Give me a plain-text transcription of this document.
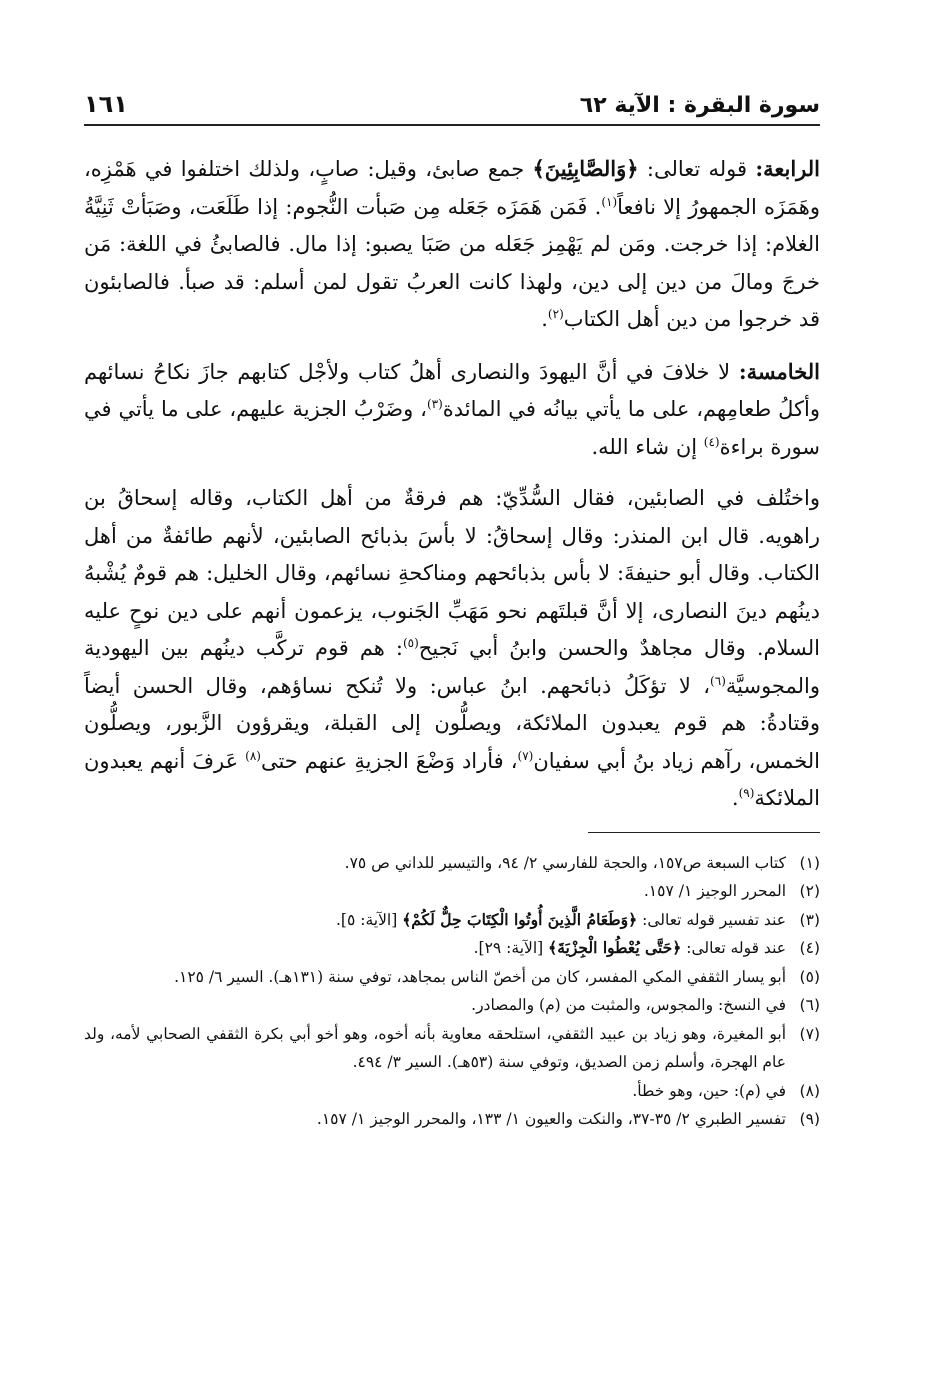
سورة البقرة : الآية ٦٢
١٦١

الرابعة: قوله تعالى: ﴿وَالصَّابِئِينَ﴾ جمع صابئ، وقيل: صابٍ، ولذلك اختلفوا في هَمْزِه، وهَمَزَه الجمهورُ إلا نافعاً$^{(١)}$. فَمَن هَمَزَه جَعَله مِن صَبأت النُّجوم: إذا طَلَعَت، وصَبَأتْ ثَنِيَّةُ الغلام: إذا خرجت. ومَن لم يَهْمِز جَعَله من صَبَا يصبو: إذا مال. فالصابئُ في اللغة: مَن خرجَ ومالَ من دين إلى دين، ولهذا كانت العربُ تقول لمن أسلم: قد صبأ. فالصابئون قد خرجوا من دين أهل الكتاب$^{(٢)}$.

الخامسة: لا خلافَ في أنَّ اليهودَ والنصارى أهلُ كتاب ولأجْل كتابهم جازَ نكاحُ نسائهم وأكلُ طعامِهم، على ما يأتي بيانُه في المائدة$^{(٣)}$، وضَرْبُ الجزية عليهم، على ما يأتي في سورة براءة$^{(٤)}$ إن شاء الله.

واختُلف في الصابئين، فقال السُّدِّيّ: هم فرقةٌ من أهل الكتاب، وقاله إسحاقُ بن راهويه. قال ابن المنذر: وقال إسحاقُ: لا بأسَ بذبائح الصابئين، لأنهم طائفةٌ من أهل الكتاب. وقال أبو حنيفةَ: لا بأس بذبائحهم ومناكحةِ نسائهم، وقال الخليل: هم قومٌ يُشْبهُ دينُهم دينَ النصارى، إلا أنَّ قبلتَهم نحو مَهَبِّ الجَنوب، يزعمون أنهم على دين نوحٍ عليه السلام. وقال مجاهدٌ والحسن وابنُ أبي نَجيح$^{(٥)}$: هم قوم تركَّب دينُهم بين اليهودية والمجوسيَّة$^{(٦)}$، لا تؤكَلُ ذبائحهم. ابنُ عباس: ولا تُنكح نساؤهم، وقال الحسن أيضاً وقتادةُ: هم قوم يعبدون الملائكة، ويصلُّون إلى القبلة، ويقرؤون الزَّبور، ويصلُّون الخمس، رآهم زياد بنُ أبي سفيان$^{(٧)}$، فأراد وَضْعَ الجزيةِ عنهم حتى$^{(٨)}$ عَرفَ أنهم يعبدون الملائكة$^{(٩)}$.

(١)
كتاب السبعة ص١٥٧، والحجة للفارسي ٢/ ٩٤، والتيسير للداني ص ٧٥.
(٢)
المحرر الوجيز ١/ ١٥٧.
(٣)
عند تفسير قوله تعالى: ﴿وَطَعَامُ الَّذِينَ أُوتُوا الْكِتَابَ حِلٌّ لَكُمْ﴾ [الآية: ٥].
(٤)
عند قوله تعالى: ﴿حَتَّى يُعْطُوا الْجِزْيَةَ﴾ [الآية: ٢٩].
(٥)
أبو يسار الثقفي المكي المفسر، كان من أخصّ الناس بمجاهد، توفي سنة (١٣١هـ). السير ٦/ ١٢٥.
(٦)
في النسخ: والمجوس، والمثبت من (م) والمصادر.
(٧)
أبو المغيرة، وهو زياد بن عبيد الثقفي، استلحقه معاوية بأنه أخوه، وهو أخو أبي بكرة الثقفي الصحابي لأمه، ولد عام الهجرة، وأسلم زمن الصديق، وتوفي سنة (٥٣هـ). السير ٣/ ٤٩٤.
(٨)
في (م): حين، وهو خطأ.
(٩)
تفسير الطبري ٢/ ٣٥-٣٧، والنكت والعيون ١/ ١٣٣، والمحرر الوجيز ١/ ١٥٧.
